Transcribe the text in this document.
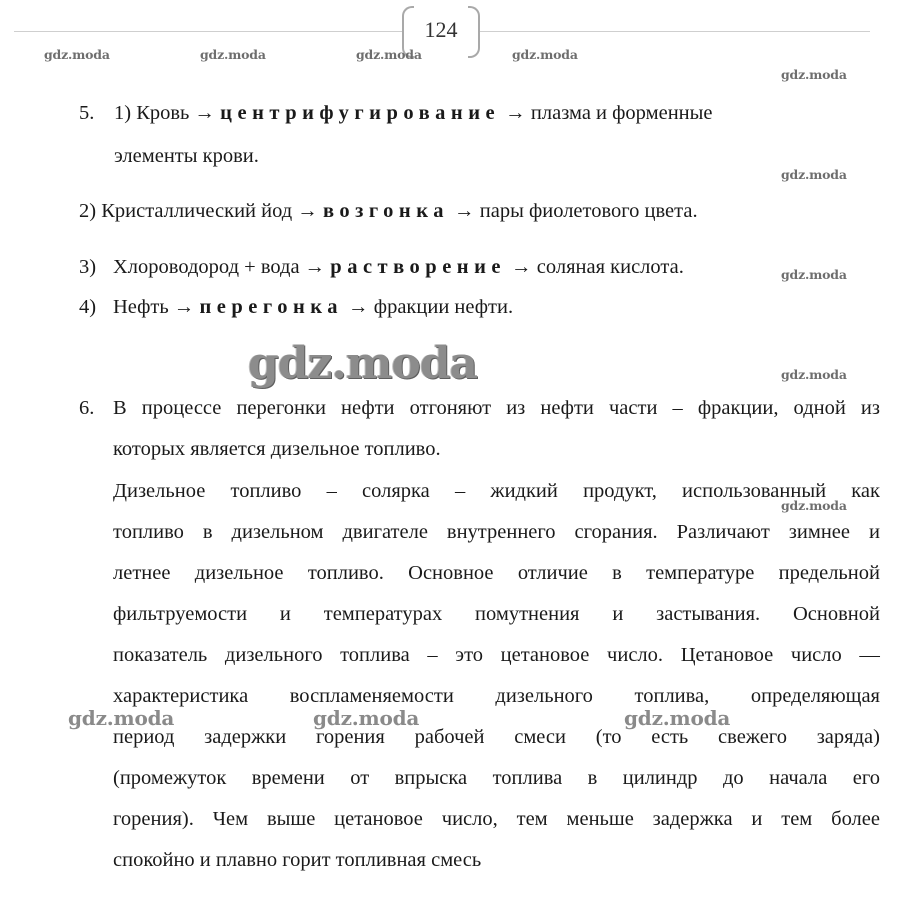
124
gdz.moda	gdz.moda	gdz.moda	gdz.moda
gdz.moda
gdz.moda
gdz.moda
gdz.moda
gdz.moda
gdz.moda
gdz.moda	gdz.moda	gdz.moda
5. 1) Кровь → центрифугирование → плазма и форменные
элементы крови.
2) Кристаллический йод → возгонка → пары фиолетового цвета.
3) Хлороводород + вода → растворение → соляная кислота.
4) Нефть → перегонка → фракции нефти.
6. В процессе перегонки нефти отгоняют из нефти части – фракции, одной из
которых является дизельное топливо.
Дизельное топливо – солярка – жидкий продукт, использованный как
топливо в дизельном двигателе внутреннего сгорания. Различают зимнее и
летнее дизельное топливо. Основное отличие в температуре предельной
фильтруемости и температурах помутнения и застывания. Основной
показатель дизельного топлива – это цетановое число. Цетановое число —
характеристика воспламеняемости дизельного топлива, определяющая
период задержки горения рабочей смеси (то есть свежего заряда)
(промежуток времени от впрыска топлива в цилиндр до начала его
горения). Чем выше цетановое число, тем меньше задержка и тем более
спокойно и плавно горит топливная смесь
